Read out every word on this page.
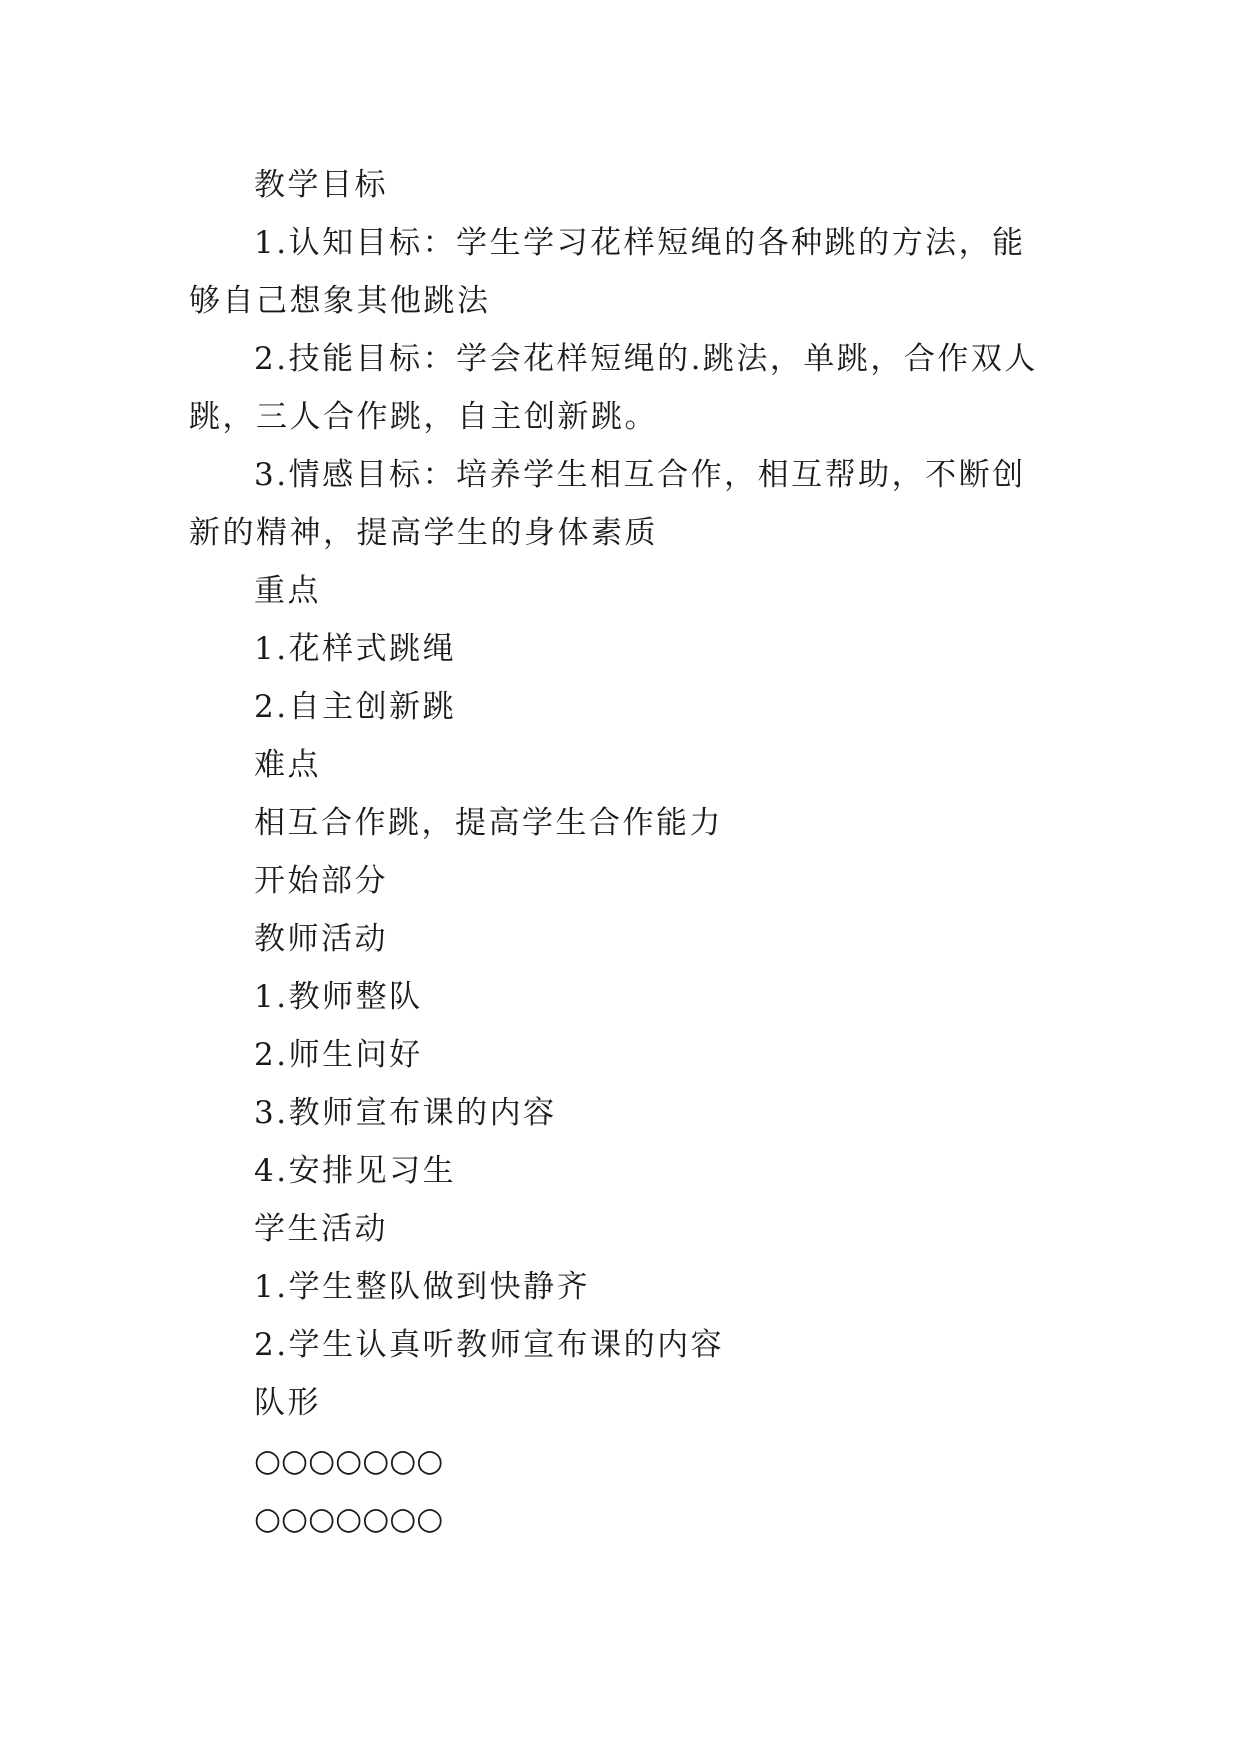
教学目标

1.认知目标：学生学习花样短绳的各种跳的方法，能够自己想象其他跳法

2.技能目标：学会花样短绳的.跳法，单跳，合作双人跳，三人合作跳，自主创新跳。

3.情感目标：培养学生相互合作，相互帮助，不断创新的精神，提高学生的身体素质

重点

1.花样式跳绳

2.自主创新跳

难点

相互合作跳，提高学生合作能力

开始部分

教师活动

1.教师整队

2.师生问好

3.教师宣布课的内容

4.安排见习生

学生活动

1.学生整队做到快静齐

2.学生认真听教师宣布课的内容

队形

○○○○○○○

○○○○○○○
